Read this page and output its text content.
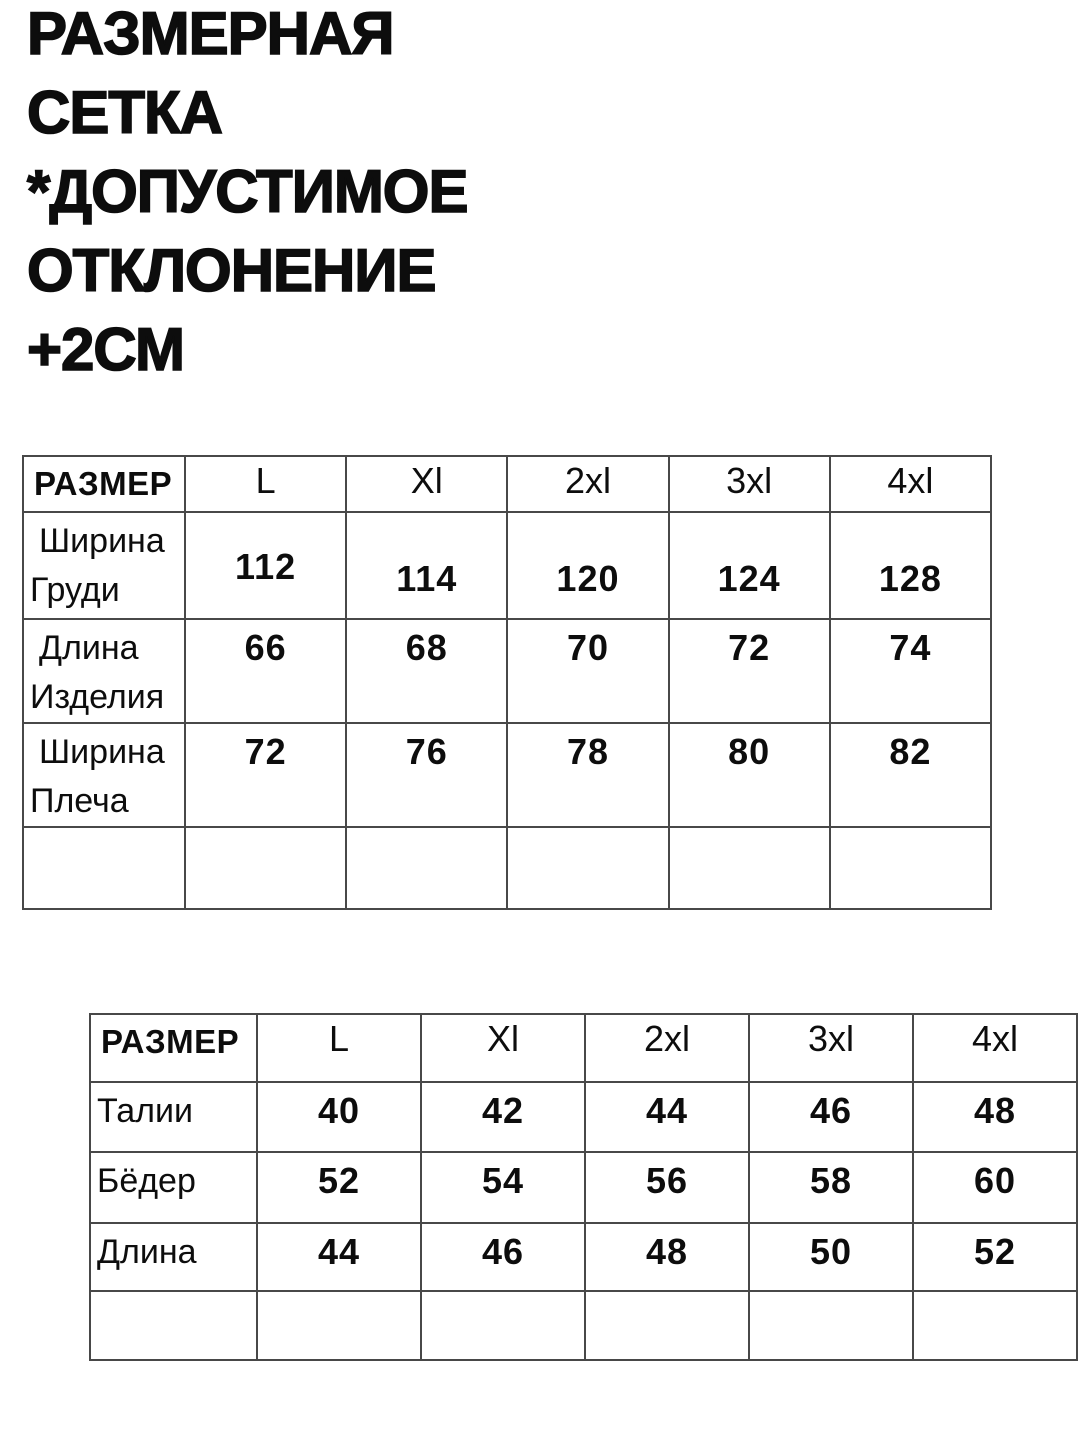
РАЗМЕРНАЯ
СЕТКА
*ДОПУСТИМОЕ
ОТКЛОНЕНИЕ
+2СМ
РАЗМЕР	L	Xl	2xl	3xl	4xl

Ширина
Груди	112	114	120	124	128

Длина
Изделия	66	68	70	72	74

Ширина
Плеча	72	76	78	80	82

РАЗМЕР	L	Xl	2xl	3xl	4xl

Талии	40	42	44	46	48

Бёдер	52	54	56	58	60

Длина	44	46	48	50	52
